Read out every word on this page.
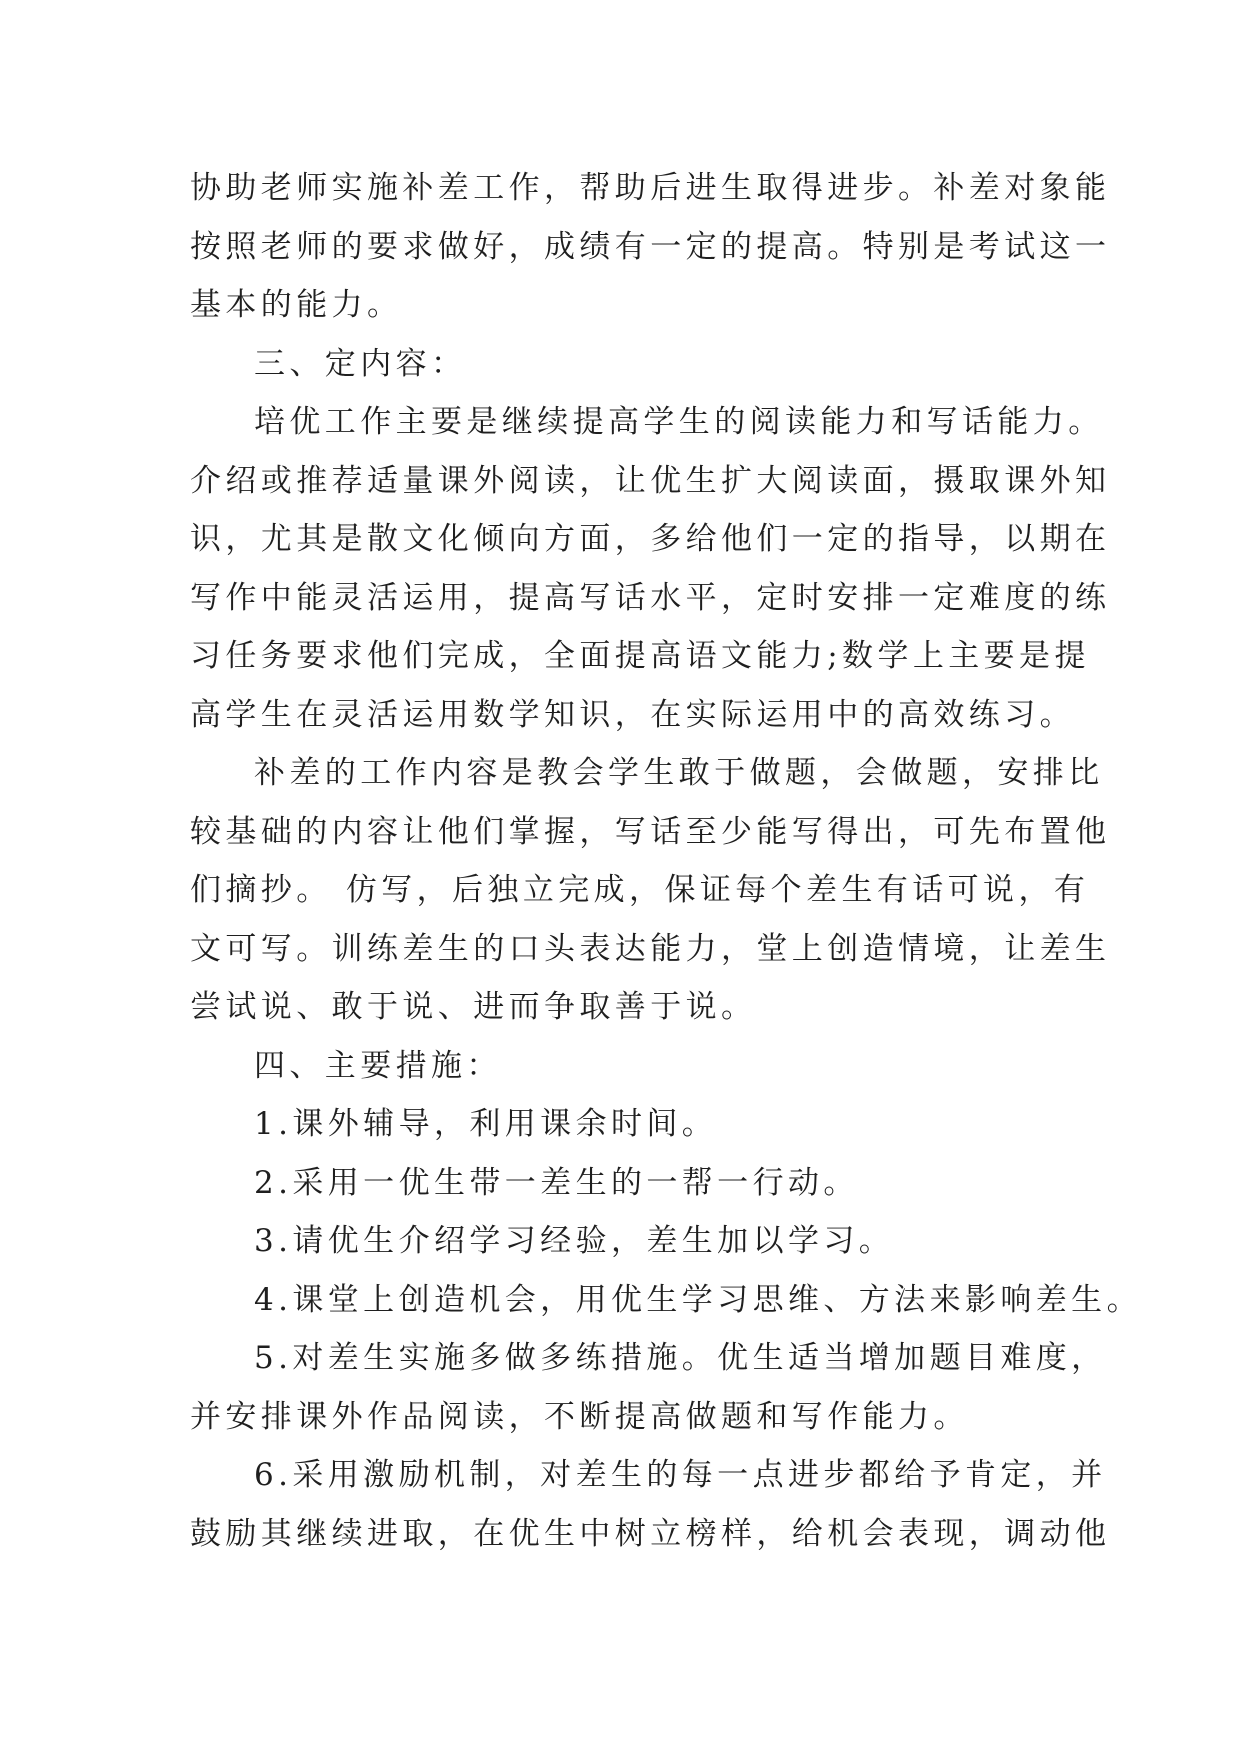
协助老师实施补差工作，帮助后进生取得进步。补差对象能
按照老师的要求做好，成绩有一定的提高。特别是考试这一
基本的能力。
三、定内容：
培优工作主要是继续提高学生的阅读能力和写话能力。
介绍或推荐适量课外阅读，让优生扩大阅读面，摄取课外知
识，尤其是散文化倾向方面，多给他们一定的指导，以期在
写作中能灵活运用，提高写话水平，定时安排一定难度的练
习任务要求他们完成，全面提高语文能力;数学上主要是提
高学生在灵活运用数学知识，在实际运用中的高效练习。
补差的工作内容是教会学生敢于做题，会做题，安排比
较基础的内容让他们掌握，写话至少能写得出，可先布置他
们摘抄。 仿写，后独立完成，保证每个差生有话可说，有
文可写。训练差生的口头表达能力，堂上创造情境，让差生
尝试说、敢于说、进而争取善于说。
四、主要措施：
1.课外辅导，利用课余时间。
2.采用一优生带一差生的一帮一行动。
3.请优生介绍学习经验，差生加以学习。
4.课堂上创造机会，用优生学习思维、方法来影响差生。
5.对差生实施多做多练措施。优生适当增加题目难度，
并安排课外作品阅读，不断提高做题和写作能力。
6.采用激励机制，对差生的每一点进步都给予肯定，并
鼓励其继续进取，在优生中树立榜样，给机会表现，调动他
